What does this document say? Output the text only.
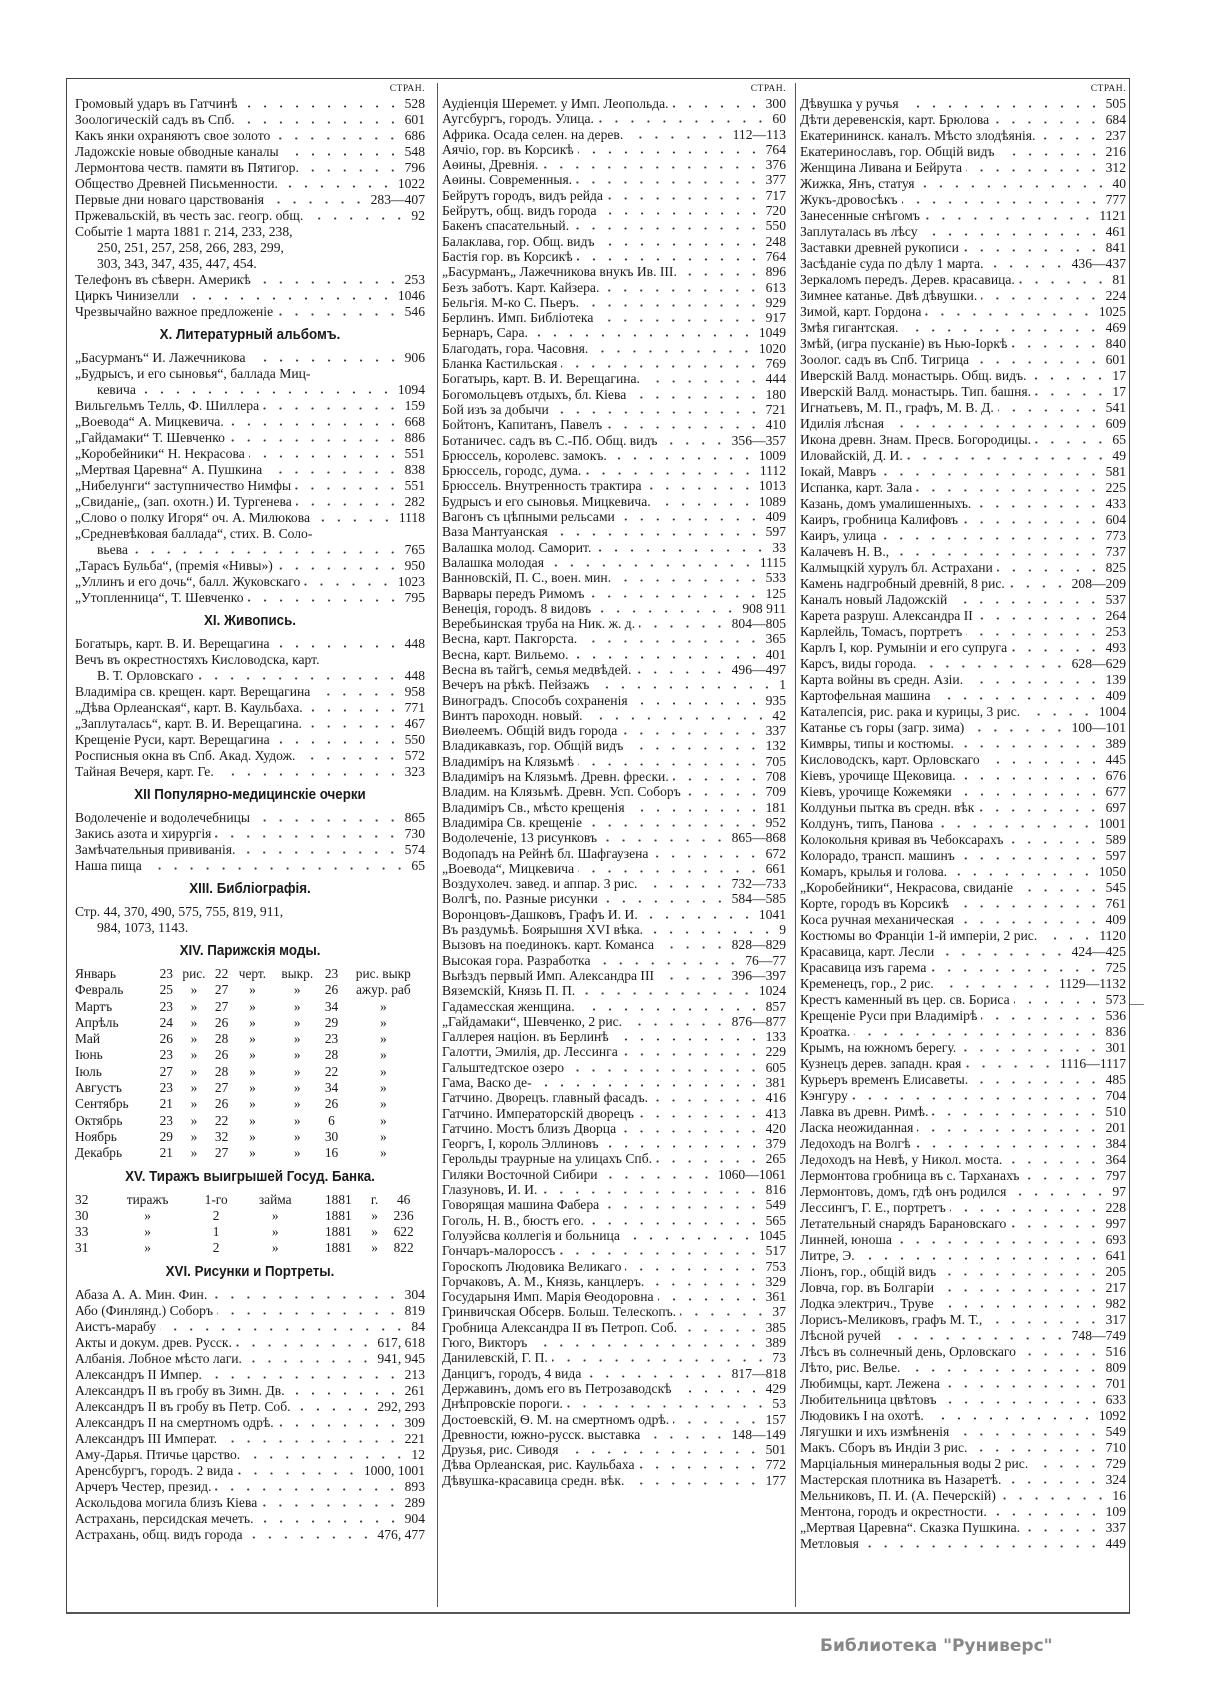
СТРАН.
Громовый ударъ въ Гатчинѣ	528
Зоологическій садъ въ Спб.	601
Какъ янки охраняютъ свое золото	686
Ладожскіе новые обводные каналы	548
Лермонтова честв. памяти въ Пятигор.	796
Общество Древней Письменности.	1022
Первые дни новаго царствованія	283—407
Пржевальскій, въ честь зас. геогр. общ.	92
Событіе 1 марта 1881 г. 214, 233, 238,
250, 251, 257, 258, 266, 283, 299,
303, 343, 347, 435, 447, 454.
Телефонъ въ сѣверн. Америкѣ	253
Циркъ Чинизелли	1046
Чрезвычайно важное предложеніе	546
X. Литературный альбомъ.
„Басурманъ“ И. Лажечникова	906
„Будрысъ, и его сыновья“, баллада Миц-
кевича	1094
Вильгельмъ Телль, Ф. Шиллера	159
„Воевода“ А. Мицкевича.	668
„Гайдамаки“ Т. Шевченко	886
„Коробейники“ Н. Некрасова	551
„Мертвая Царевна“ А. Пушкина	838
„Нибелунги“ заступничество Нимфы	551
„Свиданіе„ (зап. охотн.) И. Тургенева	282
„Слово о полку Игоря“ оч. А. Милюкова	1118
„Средневѣковая баллада“, стих. В. Соло-
вьева	765
„Тарасъ Бульба“, (премія «Нивы»)	950
„Уллинъ и его дочь“, балл. Жуковскаго	1023
„Утопленница“, Т. Шевченко	795
XI. Живопись.
Богатырь, карт. В. И. Верещагина	448
Вечъ въ окрестностяхъ Кисловодска, карт.
В. Т. Орловскаго	448
Владиміра св. крещен. карт. Верещагина	958
„Дѣва Орлеанская“, карт. В. Каульбаха.	771
„Заплуталась“, карт. В. И. Верещагина.	467
Крещеніе Руси, карт. Верещагина	550
Росписныя окна въ Спб. Акад. Худож.	572
Тайная Вечеря, карт. Ге.	323
XII Популярно-медицинскіе очерки
Водолеченіе и водолечебницы	865
Закись азота и хирургія	730
Замѣчательныя прививанія.	574
Наша пища	65
XIII. Библіографія.
Стр. 44, 370, 490, 575, 755, 819, 911,
984, 1073, 1143.
XIV. Парижскія моды.
Январь	23	рис.	22	черт.	выкр.	23	рис. выкр
Февраль	25	»	27	»	»	26	ажур. раб
Мартъ	23	»	27	»	»	34	»
Апрѣль	24	»	26	»	»	29	»
Май	26	»	28	»	»	23	»
Іюнь	23	»	26	»	»	28	»
Іюль	27	»	28	»	»	22	»
Августъ	23	»	27	»	»	34	»
Сентябрь	21	»	26	»	»	26	»
Октябрь	23	»	22	»	»	6	»
Ноябрь	29	»	32	»	»	30	»
Декабрь	21	»	27	»	»	16	»
XV. Тиражъ выигрышей Госуд. Банка.
32	тиражъ	1-го	займа	1881	г.	46
30	»	2	»	1881	»	236
33	»	1	»	1881	»	622
31	»	2	»	1881	»	822
XVI. Рисунки и Портреты.
Абаза А. А. Мин. Фин.	304
Або (Финлянд.) Соборъ	819
Аистъ-марабу	84
Акты и докум. древ. Русск.	617, 618
Албанія. Лобное мѣсто лаги.	941, 945
Александръ II Импер.	213
Александръ II въ гробу въ Зимн. Дв.	261
Александръ II въ гробу въ Петр. Соб.	292, 293
Александръ II на смертномъ одрѣ.	309
Александръ III Императ.	221
Аму-Дарья. Птичье царство.	12
Аренсбургъ, городъ. 2 вида	1000, 1001
Арчеръ Честер, презид.	893
Аскольдова могила близъ Кіева	289
Астрахань, персидская мечеть.	904
Астрахань, общ. видъ города	476, 477
СТРАН.
Аудіенція Шеремет. у Имп. Леопольда.	300
Аугсбургъ, городъ. Улица.	60
Африка. Осада селен. на дерев.	112—113
Аячіо, гор. въ Корсикѣ	764
Аѳины, Древнія.	376
Аѳины. Современныя.	377
Бейрутъ городъ, видъ рейда	717
Бейрутъ, общ. видъ города	720
Бакенъ спасательный.	550
Балаклава, гор. Общ. видъ	248
Бастія гор. въ Корсикѣ	764
„Басурманъ„ Лажечникова внукъ Ив. III.	896
Безъ заботъ. Карт. Кайзера.	613
Бельгія. М-ко С. Пьеръ.	929
Берлинъ. Имп. Библіотека	917
Бернаръ, Сара.	1049
Благодать, гора. Часовня.	1020
Бланка Кастильская	769
Богатырь, карт. В. И. Верещагина.	444
Богомольцевъ отдыхъ, бл. Кіева	180
Бой изъ за добычи	721
Бойтонъ, Капитанъ, Павелъ	410
Ботаничес. садъ въ С.-Пб. Общ. видъ	356—357
Брюссель, королевс. замокъ.	1009
Брюссель, городс, дума.	1112
Брюссель. Внутренность трактира	1013
Будрысъ и его сыновья. Мицкевича.	1089
Вагонъ съ цѣпными рельсами	409
Ваза Мантуанская	597
Валашка молод. Саморит.	33
Валашка молодая	1115
Ванновскій, П. С., воен. мин.	533
Варвары передъ Римомъ	125
Венеція, городъ. 8 видовъ	908 911
Веребьинская труба на Ник. ж. д.	804—805
Весна, карт. Пакгорста.	365
Весна, карт. Вильемо.	401
Весна въ тайгѣ, семья медвѣдей.	496—497
Вечеръ на рѣкѣ. Пейзажъ	1
Виноградъ. Способъ сохраненія	935
Винтъ пароходн. новый.	42
Виѳлеемъ. Общій видъ города	337
Владикавказъ, гор. Общій видъ	132
Владиміръ на Клязьмѣ	705
Владиміръ на Клязьмѣ. Древн. фрески.	708
Владим. на Клязьмѣ. Древн. Усп. Соборъ	709
Владиміръ Св., мѣсто крещенія	181
Владиміра Св. крещеніе	952
Водолеченіе, 13 рисунковъ	865—868
Водопадъ на Рейнѣ бл. Шафгаузена	672
„Воевода“, Мицкевича	661
Воздухолеч. завед. и аппар. 3 рис.	732—733
Волгѣ, по. Разные рисунки	584—585
Воронцовъ-Дашковъ, Графъ И. И.	1041
Въ раздумьѣ. Боярышня XVI вѣка.	9
Вызовъ на поединокъ. карт. Команса	828—829
Высокая гора. Разработка	76—77
Выѣздъ первый Имп. Александра III	396—397
Вяземскій, Князь П. П.	1024
Гадамесская женщина.	857
„Гайдамаки“, Шевченко, 2 рис.	876—877
Галлерея націон. въ Берлинѣ	133
Галотти, Эмилія, др. Лессинга	229
Гальштедтское озеро	605
Гама, Васко де-	381
Гатчино. Дворецъ. главный фасадъ.	416
Гатчино. Императорскій дворецъ	413
Гатчино. Мостъ близъ Дворца	420
Георгъ, I, король Эллиновъ	379
Герольды траурные на улицахъ Спб.	265
Гиляки Восточной Сибири	1060—1061
Глазуновъ, И. И.	816
Говорящая машина Фабера	549
Гоголь, Н. В., бюстъ его.	565
Голуэйсва коллегія и больница	1045
Гончаръ-малороссъ	517
Гороскопъ Людовика Великаго	753
Горчаковъ, А. М., Князь, канцлеръ.	329
Государыня Имп. Марія Ѳеодоровна	361
Гринвичская Обсерв. Больш. Телескопъ.	37
Гробница Александра II въ Петроп. Соб.	385
Гюго, Викторъ	389
Данилевскій, Г. П.	73
Данцигъ, городъ, 4 вида	817—818
Державинъ, домъ его въ Петрозаводскѣ	429
Днѣпровскіе пороги.	53
Достоевскій, Ѳ. М. на смертномъ одрѣ.	157
Древности, южно-русск. выставка	148—149
Друзья, рис. Сиводя	501
Дѣва Орлеанская, рис. Каульбаха	772
Дѣвушка-красавица средн. вѣк.	177
СТРАН.
Дѣвушка у ручья	505
Дѣти деревенскія, карт. Брюлова	684
Екатерининск. каналъ. Мѣсто злодѣянія.	237
Екатеринославъ, гор. Общій видъ	216
Женщина Ливана и Бейрута	312
Жижка, Янъ, статуя	40
Жукъ-дровосѣкъ	777
Занесенные снѣгомъ	1121
Заплуталась въ лѣсу	461
Заставки древней рукописи	841
Засѣданіе суда по дѣлу 1 марта.	436—437
Зеркаломъ передъ. Дерев. красавица.	81
Зимнее катанье. Двѣ дѣвушки.	224
Зимой, карт. Гордона	1025
Змѣя гигантская.	469
Змѣй, (игра пусканіе) въ Нью-Іоркѣ	840
Зоолог. садъ въ Спб. Тигрица	601
Иверскій Валд. монастырь. Общ. видъ.	17
Иверскій Валд. монастырь. Тип. башня.	17
Игнатьевъ, М. П., графъ, М. В. Д.	541
Идилія лѣсная	609
Икона древн. Знам. Пресв. Богородицы.	65
Иловайскій, Д. И.	49
Іокай, Мавръ	581
Испанка, карт. Зала	225
Казань, домъ умалишенныхъ.	433
Каиръ, гробница Калифовъ	604
Каиръ, улица	773
Калачевъ Н. В.,	737
Калмыцкій хурулъ бл. Астрахани	825
Камень надгробный древній, 8 рис.	208—209
Каналъ новый Ладожскій	537
Карета разруш. Александра II	264
Карлейль, Томасъ, портретъ	253
Карлъ I, кор. Румыніи и его супруга	493
Карсъ, виды города.	628—629
Карта войны въ средн. Азіи.	139
Картофельная машина	409
Каталепсія, рис. рака и курицы, 3 рис.	1004
Катанье съ горы (загр. зима)	100—101
Кимвры, типы и костюмы.	389
Кисловодскъ, карт. Орловскаго	445
Кіевъ, урочище Щековица.	676
Кіевъ, урочище Кожемяки	677
Колдуньи пытка въ средн. вѣк	697
Колдунъ, типъ, Панова	1001
Колокольня кривая въ Чебоксарахъ	589
Колорадо, трансп. машинъ	597
Комаръ, крылья и голова.	1050
„Коробейники“, Некрасова, свиданіе	545
Корте, городъ въ Корсикѣ	761
Коса ручная механическая	409
Костюмы во Франціи 1-й имперіи, 2 рис.	1120
Красавица, карт. Лесли	424—425
Красавица изъ гарема	725
Кременецъ, гор., 2 рис.	1129—1132
Крестъ каменный въ цер. св. Бориса	573
Крещеніе Руси при Владимірѣ	536
Кроатка.	836
Крымъ, на южномъ берегу.	301
Кузнецъ дерев. западн. края	1116—1117
Курьеръ временъ Елисаветы.	485
Кэнгуру	704
Лавка въ древн. Римѣ.	510
Ласка неожиданная	201
Ледоходъ на Волгѣ	384
Ледоходъ на Невѣ, у Никол. моста.	364
Лермонтова гробница въ с. Тарханахъ	797
Лермонтовъ, домъ, гдѣ онъ родился	97
Лессингъ, Г. Е., портретъ	228
Летательный снарядъ Барановскаго	997
Линней, юноша	693
Литре, Э.	641
Ліонъ, гор., общій видъ	205
Ловча, гор. въ Болгаріи	217
Лодка электрич., Труве	982
Лорисъ-Меликовъ, графъ М. Т.,	317
Лѣсной ручей	748—749
Лѣсъ въ солнечный день, Орловскаго	516
Лѣто, рис. Велье.	809
Любимцы, карт. Лежена	701
Любительница цвѣтовъ	633
Людовикъ I на охотѣ.	1092
Лягушки и ихъ измѣненія	549
Макъ. Сборъ въ Индіи 3 рис.	710
Марціальныя минеральныя воды 2 рис.	729
Мастерская плотника въ Назаретѣ.	324
Мельниковъ, П. И. (А. Печерскій)	16
Ментона, городъ и окрестности.	109
„Мертвая Царевна“. Сказка Пушкина.	337
Метловыя	449
Библиотека "Руниверс"
